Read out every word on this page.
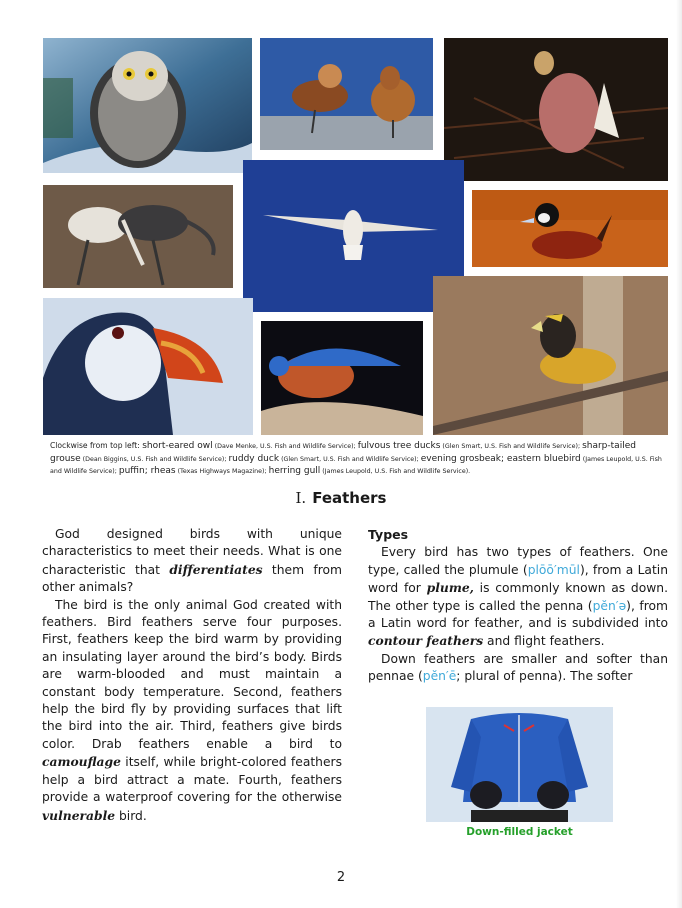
Clockwise from top left: short-eared owl (Dave Menke, U.S. Fish and Wildlife Service); fulvous tree ducks (Glen Smart, U.S. Fish and Wildlife Service); sharp-tailed grouse (Dean Biggins, U.S. Fish and Wildlife Service); ruddy duck (Glen Smart, U.S. Fish and Wildlife Service); evening grosbeak; eastern bluebird (James Leupold, U.S. Fish and Wildlife Service); puffin; rheas (Texas Highways Magazine); herring gull (James Leupold, U.S. Fish and Wildlife Service).
I. Feathers

God designed birds with unique characteristics to meet their needs. What is one characteristic that differentiates them from other animals?

The bird is the only animal God created with feathers. Bird feathers serve four purposes. First, feathers keep the bird warm by providing an insulating layer around the bird’s body. Birds are warm-blooded and must maintain a constant body temperature. Second, feathers help the bird fly by providing surfaces that lift the bird into the air. Third, feathers give birds color. Drab feathers enable a bird to camouflage itself, while bright-colored feathers help a bird attract a mate. Fourth, feathers provide a waterproof covering for the otherwise vulnerable bird.

Types

Every bird has two types of feathers. One type, called the plumule (plōō′mūl), from a Latin word for plume, is commonly known as down. The other type is called the penna (pĕn′ə), from a Latin word for feather, and is subdivided into contour feathers and flight feathers.

Down feathers are smaller and softer than pennae (pĕn′ē; plural of penna). The softer

Down-filled jacket
2
